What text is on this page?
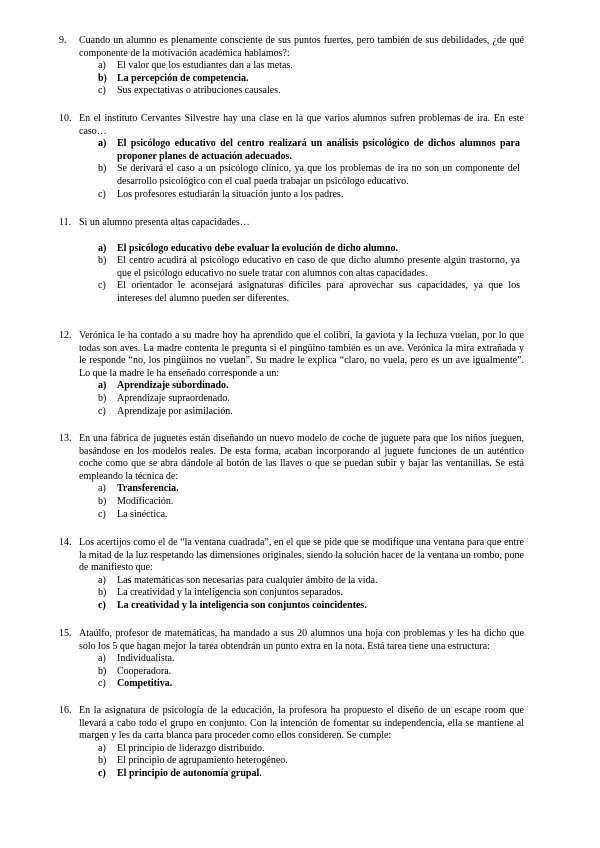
9.	Cuando un alumno es plenamente consciente de sus puntos fuertes, pero también de sus debilidades, ¿de qué componente de la motivación académica hablamos?:
a) El valor que los estudiantes dan a las metas.
b) La percepción de competencia.
c) Sus expectativas o atribuciones causales.
10. En el instituto Cervantes Silvestre hay una clase en la que varios alumnos sufren problemas de ira. En este caso…
a) El psicólogo educativo del centro realizará un análisis psicológico de dichos alumnos para proponer planes de actuación adecuados.
b) Se derivará el caso a un psicólogo clínico, ya que los problemas de ira no son un componente del desarrollo psicológico con el cual pueda trabajar un psicólogo educativo.
c) Los profesores estudiarán la situación junto a los padres.
11. Si un alumno presenta altas capacidades…
a) El psicólogo educativo debe evaluar la evolución de dicho alumno.
b) El centro acudirá al psicólogo educativo en caso de que dicho alumno presente algún trastorno, ya que el psicólogo educativo no suele tratar con alumnos con altas capacidades.
c) El orientador le aconsejará asignaturas difíciles para aprovechar sus capacidades, ya que los intereses del alumno pueden ser diferentes.
12. Verónica le ha contado a su madre hoy ha aprendido que el colibrí, la gaviota y la lechuza vuelan, por lo que todas son aves. La madre contenta le pregunta si el pingüino también es un ave. Verónica la mira extrañada y le responde “no, los pingüinos no vuelan”. Su madre le explica “claro, no vuela, pero es un ave igualmente”. Lo que la madre le ha enseñado corresponde a un:
a) Aprendizaje subordinado.
b) Aprendizaje supraordenado.
c) Aprendizaje por asimilación.
13. En una fábrica de juguetes están diseñando un nuevo modelo de coche de juguete para que los niños jueguen, basándose en los modelos reales. De esta forma, acaban incorporando al juguete funciones de un auténtico coche como que se abra dándole al botón de las llaves o que se puedan subir y bajar las ventanillas. Se está empleando la técnica de:
a) Transferencia.
b) Modificación.
c) La sinéctica.
14. Los acertijos como el de “la ventana cuadrada”, en el que se pide que se modifique una ventana para que entre la mitad de la luz respetando las dimensiones originales, siendo la solución hacer de la ventana un rombo, pone de manifiesto que:
a) Las matemáticas son necesarias para cualquier ámbito de la vida.
b) La creatividad y la inteligencia son conjuntos separados.
c) La creatividad y la inteligencia son conjuntos coincidentes.
15. Ataúlfo, profesor de matemáticas, ha mandado a sus 20 alumnos una hoja con problemas y les ha dicho que solo los 5 que hagan mejor la tarea obtendrán un punto extra en la nota. Está tarea tiene una estructura:
a) Individualista.
b) Cooperadora.
c) Competitiva.
16. En la asignatura de psicología de la educación, la profesora ha propuesto el diseño de un escape room que llevará a cabo todo el grupo en conjunto. Con la intención de fomentar su independencia, ella se mantiene al margen y les da carta blanca para proceder como ellos consideren. Se cumple:
a) El principio de liderazgo distribuido.
b) El principio de agrupamiento heterogéneo.
c) El principio de autonomía grupal.
